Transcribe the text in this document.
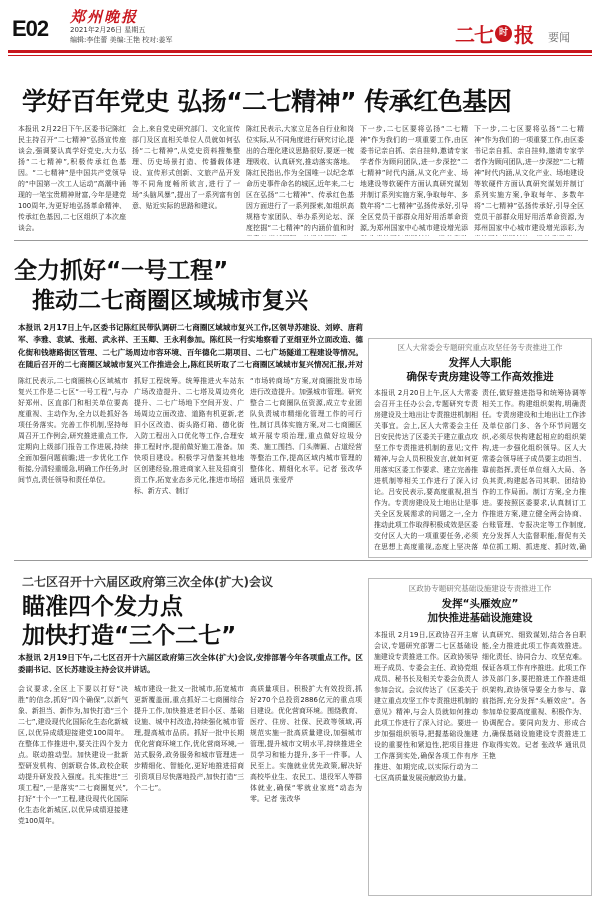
E02 郑州晚报
2021年2月26日 星期五
编辑:李佳蕾 美编:王艳 校对:姜军	二七 时 报 要闻
学好百年党史 弘扬“二七精神” 传承红色基因
本报讯 2月22日下午,区委书记陈红民主持召开“二七精神”弘扬宣传座谈会,强调要认真学好党史,大力弘扬“二七精神”,积极传承红色基因。“二七精神”是中国共产党领导的“中国第一次工人运动”高潮中涌现的一笔宝贵精神财富,今年是建党100周年,为更好地弘扬革命精神、传承红色基因,二七区组织了本次座谈会。
会上,来自党史研究部门、文化宣传部门及区直相关单位人员就如何弘扬“二七精神”,从党史资料搜集整理、历史场景打造、传播载体建设、宣传形式创新、文旅产品开发等不同角度畅所欲言,进行了一场“头脑风暴”,提出了一系列富有创意、贴近实际的思路和建议。
陈红民表示,大家立足各自行业和岗位实际,从不同角度进行研究讨论,提出的合理化建议思路很好,要逐一梳理吸收、认真研究,推动落实落地。陈红民指出,作为全国唯一以纪念革命历史事件命名的城区,近年来,二七区在弘扬“二七精神”、传承红色基因方面进行了一系列探索,如组织高规格专家团队、举办系列论坛、深度挖掘“二七精神”的内涵价值和时
下一步,二七区要将弘扬“二七精神”作为我们的一项重要工作,由区委书记亲自抓、亲自挂帅,邀请专家学者作为顾问团队,进一步深挖“二七精神”时代内涵,从文化产业、场地建设等软硬件方面认真研究谋划并制订系列实施方案,争取每年、多数年将“二七精神”弘扬传承好,引导全区党员干部群众用好用活革命资源,为郑州国家中心城市建设增光添
下一步,二七区要将弘扬“二七精神”作为我们的一项重要工作,由区委书记亲自抓、亲自挂帅,邀请专家学者作为顾问团队,进一步深挖“二七精神”时代内涵,从文化产业、场地建设等软硬件方面认真研究谋划并制订系列实施方案,争取每年、多数年将“二七精神”弘扬传承好,引导全区党员干部群众用好用活革命资源,为郑州国家中心城市建设增光添彩,为
全力抓好“一号工程”
推动二七商圈区域城市复兴
本报讯 2月17日上午,区委书记陈红民带队调研二七商圈区域城市复兴工作,区领导苏建设、刘婷、唐莉军、李雅、袁斌、张超、武永祥、王玉卿、王永利参加。陈红民一行实地察看了亚细亚外立面改造、德化街和钱塘路街区管理、二七广场周边市容环境、百年德化二期项目、二七广场隧道工程建设等情况。在随后召开的二七商圈区域城市复兴工作推进会上,陈红民听取了二七商圈区域城市复兴情况汇报,并对
陈红民表示,二七商圈核心区域城市复兴工作是二七区“一号工程”,与办好郑州、区直部门和相关单位要高度重视、主动作为,全力以赴抓好各项任务落实。完善工作机制,坚持每周召开工作例会,研究推进重点工作,定期向上级部门报告工作进展,持续全面加强问题前瞻;进一步优化工作衔接,分清轻重缓急,明确工作任务,时间节点,责任领导和责任单位。
抓好工程统筹。统筹推进火车站东广场改造提升、二七塔及周边亮化提升、二七广场地下空间开发、广场周边立面改造、道路有机更新,老旧小区改造、街头路灯箱、德化街入防工程出入口优化等工作,合理安排工程时序,提前做好施工准备。加快项目建设。积极学习借鉴其他地区创建经验,推进商家入驻及招商引资工作,拓宽业态多元化,推进市场招标、新方式、制订
“市场转商场”方案,对商圈批发市场进行改造提升。加强城市管理。研究整合二七商圈队伍资源,成立专业团队负责城市精细化管理工作的可行性,制订具体实施方案,对二七商圈区域开展专项治理,重点做好垃圾分类、施工围挡、门头牌匾、占道经营等整治工作,提高区域内城市管理的整体化、精细化水平。记者 张改华 通讯员 张爱芹
区人大常委会专题研究重点攻坚任务专责推进工作
发挥人大职能
确保专责房建设等工作高效推进
本报讯 2月20日上午,区人大常委会召开主任办公会,专题研究专责房建设及土地出让专责推进机制相关事宜。会上,区人大常委会主任吕安民传达了区委关于建立重点攻坚工作专责推进机制的意见;文件精神,与会人员积极发言,就如何更用落实区委工作要求、建立完善推进机制等相关工作进行了深入讨论。吕安民表示,要高度重视,担当作为。专责房建设及土地出让是事关全区发展需求的问题之一,全力推动此项工作取得积极成效是区委交付区人大的一项重要任务,必须在思想上高度重视,态度上坚决落
责任,做好推进指导和统筹协调等相关工作。构建组织架构,明确责任。专责房建设和土地出让工作涉及单位部门多、各个环节问题交织,必须尽快构建起相应的组织架构,进一步强化组织领导。区人大常委会领导班子成员要主动担当、靠前指挥,责任单位细入大局、各负其责,构建起各司其职、团结协作的工作局面。制订方案,全力推进。要按照区委要求,认真制订工作推进方案,建立健全两会协商、台账管理、专报决定等工作制度,充分发挥人大监督职能,督促有关单位抓工期、抓进度、抓时效,确
二七区召开十六届区政府第三次全体(扩大)会议
瞄准四个发力点
加快打造“三个二七”
本报讯 2月19日下午,二七区召开十六届区政府第三次全体(扩大)会议,安排部署今年各项重点工作。区委副书记、区长苏建设主持会议并讲话。
会议要求,全区上下要以打好“决胜”的信念,抓好“四个确保”,以新气象、新担当、新作为,加快打造“三个二七”,建设现代化国际化生态化新城区,以优异成绩迎接建党100周年。在整体工作推进中,要关注四个发力点。联动推动型。加快建设一批新型研发机构、创新联合体,政校企联动提升研发投入强度。扎实推进“三项工程”,一是落实“二七商圈复兴”,打好“十个一”工程,建设现代化国际化生态化新城区,以优异成绩迎接建党100周年。
城市建设一批又一批城市,拓宽城市更新覆盖面,重点抓好二七商圈综合提升工作,加快推进老旧小区、基础设施、城中村改造,持续强化城市管理,提高城市品质。抓好一批中长期优化营商环境工作,优化营商环境,一站式服务,政务服务和城市管理进一步精细化、智能化,更好地推进招商引资项目尽快落地投产,加快打造“三个二七”。
高质量项目。积极扩大有效投资,抓好270个总投资2886亿元的重点项目建设。优化营商环境。围绕教育、医疗、住房、社保、民政等领域,再规范实施一批高质量建设,加强城市管理,提升城市文明水平,持续推进全员学习和能力提升,多干一件事。人民至上。实施就业优先政策,解决好高校毕业生、农民工、退役军人等群体就业,确保“零就业家庭”动态为零。记者 张改华
区政协专题研究基础设施建设专责推进工作
发挥“头雁效应”
加快推进基础设施建设
本报讯 2月19日,区政协召开主席会议,专题研究部署二七区基础设施建设专责推进工作。区政协领导班子成员、专委会主任、政协党组成员、秘书长及相关专委会负责人参加会议。会议传达了《区委关于建立重点攻坚工作专责推进机制的意见》精神,与会人员就如何推动此项工作进行了深入讨论。要进一步加强组织领导,把握基础设施建设的重要性和紧迫性,把项目推进工作落到实处,确保各项工作有序推进、如期完成,以实际行动为二七区高质量发展贡献政协力量。
认真研究、细致谋划,结合各自职能,全力推进此项工作高效推进。细化责任、协同合力、攻坚克难。保证各项工作有序推进。此项工作涉及部门多,要把推进工作推进组织架构,政协领导要全力参与、靠前指挥,充分发挥“头雁效应”。各参加单位要高度重视、积极作为、协调配合。要同向发力、形成合力,确保基础设施建设专责推进工作取得实效。记者 张改华 通讯员 王艳
